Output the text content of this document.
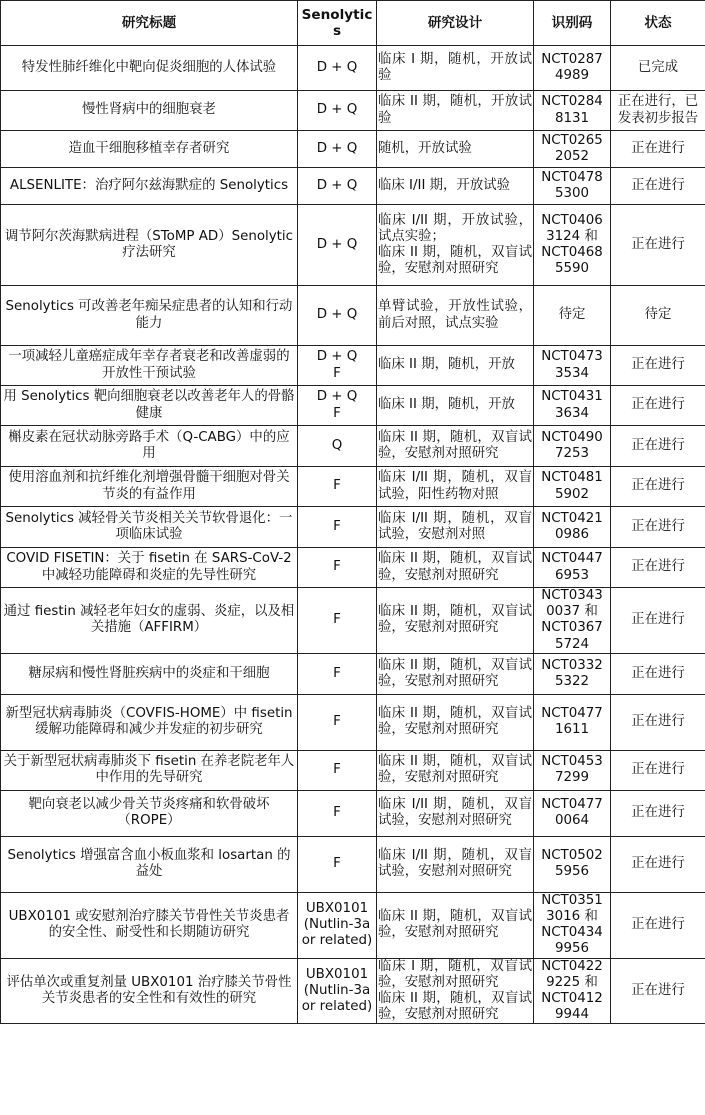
研究标题	Senolytics	研究设计	识别码	状态

特发性肺纤维化中靶向促炎细胞的人体试验	D + Q	临床 I 期，随机，开放试验	NCT0287
4989	已完成

慢性肾病中的细胞衰老	D + Q	临床 II 期，随机，开放试验	NCT0284
8131	正在进行，已发表初步报告

造血干细胞移植幸存者研究	D + Q	随机，开放试验	NCT0265
2052	正在进行

ALSENLITE：治疗阿尔兹海默症的 Senolytics	D + Q	临床 I/II 期，开放试验	NCT0478
5300	正在进行

调节阿尔茨海默病进程（SToMP AD）Senolytic 疗法研究	D + Q	临床 I/II 期，开放试验，试点实验；
临床 II 期，随机，双盲试验，安慰剂对照研究	NCT0406
3124 和
NCT0468
5590	正在进行

Senolytics 可改善老年痴呆症患者的认知和行动能力	D + Q	单臂试验，开放性试验，前后对照，试点实验	待定	待定

一项减轻儿童癌症成年幸存者衰老和改善虚弱的开放性干预试验	D + Q
F	临床 II 期，随机，开放	NCT0473
3534	正在进行

用 Senolytics 靶向细胞衰老以改善老年人的骨骼健康	D + Q
F	临床 II 期，随机，开放	NCT0431
3634	正在进行

槲皮素在冠状动脉旁路手术（Q-CABG）中的应用	Q	临床 II 期，随机，双盲试验，安慰剂对照研究	NCT0490
7253	正在进行

使用溶血剂和抗纤维化剂增强骨髓干细胞对骨关节炎的有益作用	F	临床 I/II 期，随机，双盲试验，阳性药物对照	NCT0481
5902	正在进行

Senolytics 减轻骨关节炎相关关节软骨退化：一项临床试验	F	临床 I/II 期，随机，双盲试验，安慰剂对照	NCT0421
0986	正在进行

COVID FISETIN：关于 fisetin 在 SARS-CoV-2 中减轻功能障碍和炎症的先导性研究	F	临床 II 期，随机，双盲试验，安慰剂对照研究	NCT0447
6953	正在进行

通过 fiestin 减轻老年妇女的虚弱、炎症，以及相关措施（AFFIRM）	F	临床 II 期，随机，双盲试验，安慰剂对照研究	NCT0343
0037 和
NCT0367
5724	正在进行

糖尿病和慢性肾脏疾病中的炎症和干细胞	F	临床 II 期，随机，双盲试验，安慰剂对照研究	NCT0332
5322	正在进行

新型冠状病毒肺炎（COVFIS-HOME）中 fisetin 缓解功能障碍和减少并发症的初步研究	F	临床 II 期，随机，双盲试验，安慰剂对照研究	NCT0477
1611	正在进行

关于新型冠状病毒肺炎下 fisetin 在养老院老年人中作用的先导研究	F	临床 II 期，随机，双盲试验，安慰剂对照研究	NCT0453
7299	正在进行

靶向衰老以减少骨关节炎疼痛和软骨破坏（ROPE）	F	临床 I/II 期，随机，双盲试验，安慰剂对照研究	NCT0477
0064	正在进行

Senolytics 增强富含血小板血浆和 losartan 的益处	F	临床 I/II 期，随机，双盲试验，安慰剂对照研究	NCT0502
5956	正在进行

UBX0101 或安慰剂治疗膝关节骨性关节炎患者的安全性、耐受性和长期随访研究	UBX0101
(Nutlin-3a
or related)	临床 II 期，随机，双盲试验，安慰剂对照研究	NCT0351
3016 和
NCT0434
9956	正在进行

评估单次或重复剂量 UBX0101 治疗膝关节骨性关节炎患者的安全性和有效性的研究	UBX0101
(Nutlin-3a
or related)	临床 I 期，随机，双盲试验，安慰剂对照研究
临床 II 期，随机，双盲试验，安慰剂对照研究	NCT0422
9225 和
NCT0412
9944	正在进行
